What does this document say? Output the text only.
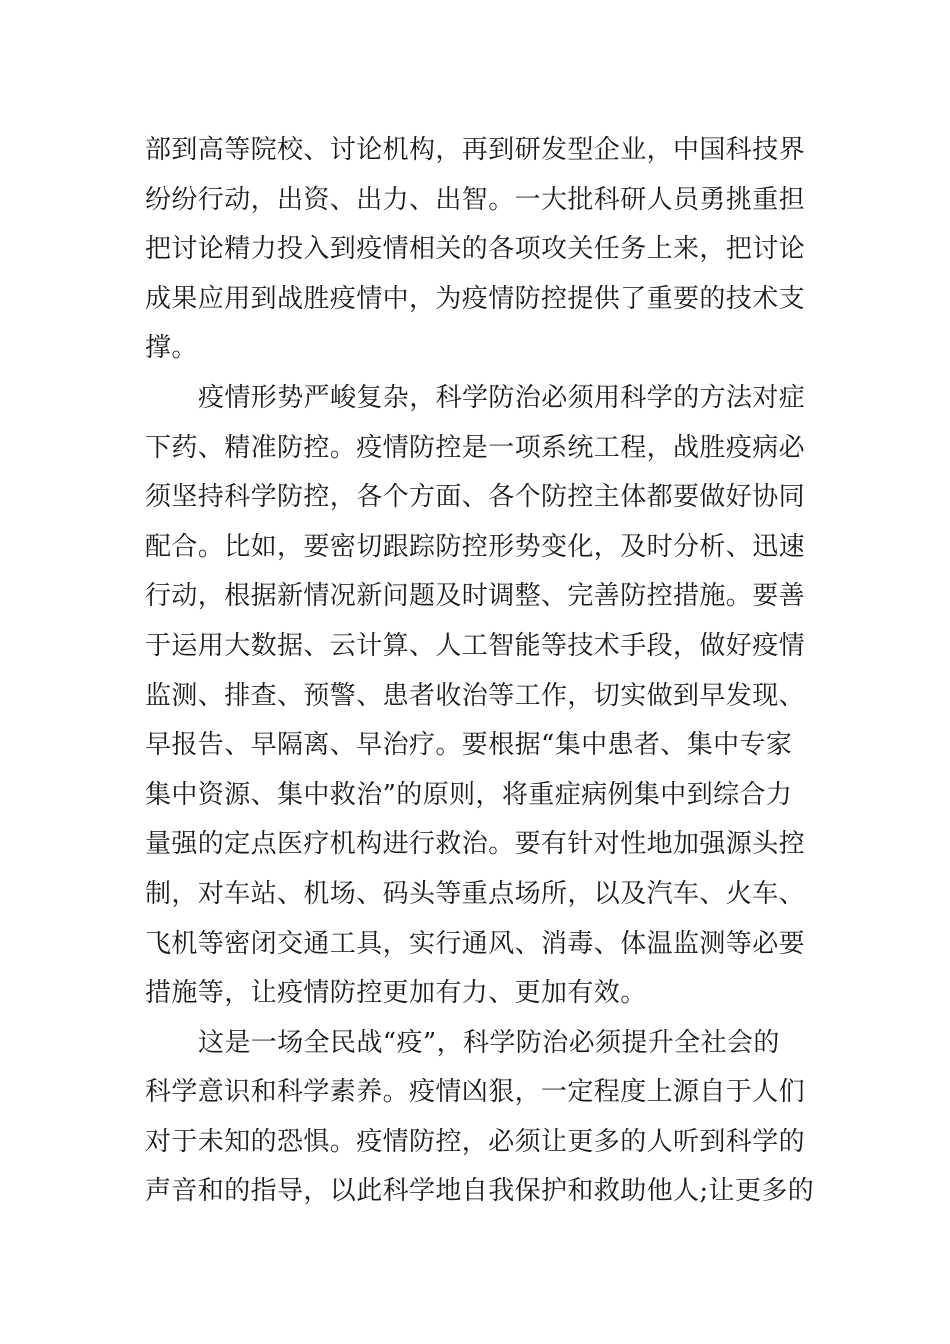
部到高等院校、讨论机构，再到研发型企业，中国科技界
纷纷行动，出资、出力、出智。一大批科研人员勇挑重担
把讨论精力投入到疫情相关的各项攻关任务上来，把讨论
成果应用到战胜疫情中，为疫情防控提供了重要的技术支
撑。

疫情形势严峻复杂，科学防治必须用科学的方法对症
下药、精准防控。疫情防控是一项系统工程，战胜疫病必
须坚持科学防控，各个方面、各个防控主体都要做好协同
配合。比如，要密切跟踪防控形势变化，及时分析、迅速
行动，根据新情况新问题及时调整、完善防控措施。要善
于运用大数据、云计算、人工智能等技术手段，做好疫情
监测、排查、预警、患者收治等工作，切实做到早发现、
早报告、早隔离、早治疗。要根据“集中患者、集中专家
集中资源、集中救治”的原则，将重症病例集中到综合力
量强的定点医疗机构进行救治。要有针对性地加强源头控
制，对车站、机场、码头等重点场所，以及汽车、火车、
飞机等密闭交通工具，实行通风、消毒、体温监测等必要
措施等，让疫情防控更加有力、更加有效。

这是一场全民战“疫”，科学防治必须提升全社会的
科学意识和科学素养。疫情凶狠，一定程度上源自于人们
对于未知的恐惧。疫情防控，必须让更多的人听到科学的
声音和的指导，以此科学地自我保护和救助他人;让更多的
